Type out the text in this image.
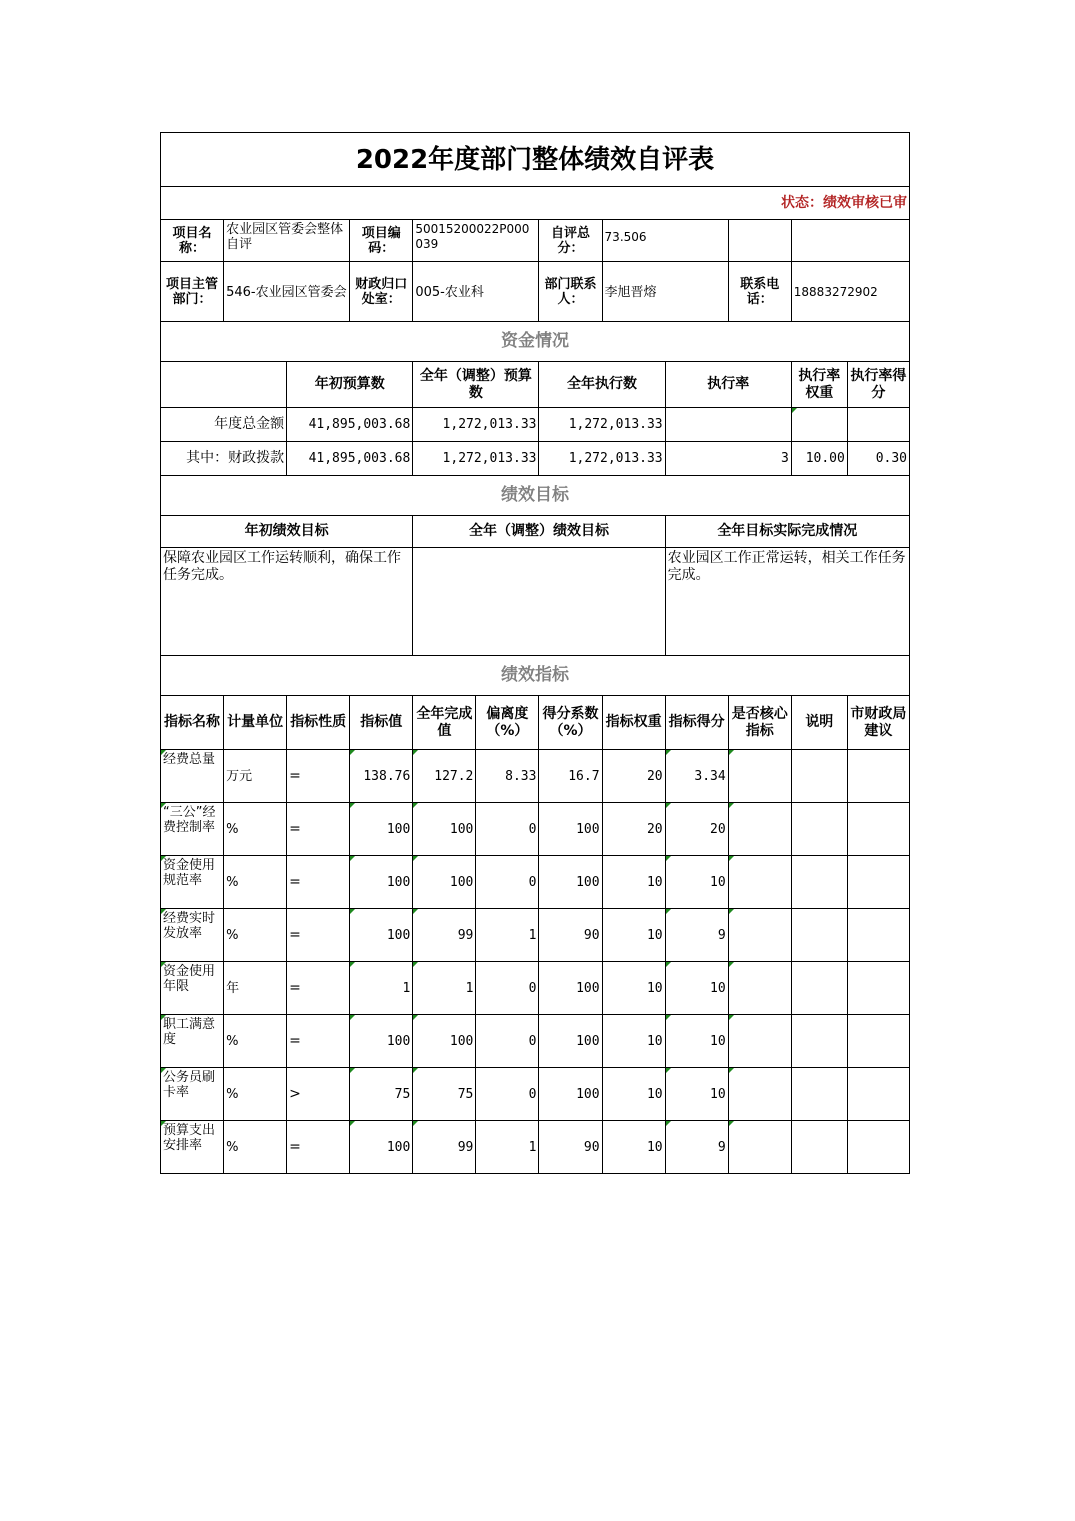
2022年度部门整体绩效自评表											
状态：绩效审核已审											
项目名称：	农业园区管委会整体自评		项目编码：	50015200022P000039		自评总分：	73.506				
项目主管部门：	546-农业园区管委会		财政归口处室：	005-农业科		部门联系人：	李旭晋熔		联系电话：	18883272902	
资金情况											
		年初预算数		全年（调整）预算数		全年执行数		执行率		执行率权重	执行率得分
年度总金额		41,895,003.68		1,272,013.33		1,272,013.33					
其中：财政拨款		41,895,003.68		1,272,013.33		1,272,013.33		3		10.00	0.30
绩效目标											
年初绩效目标				全年（调整）绩效目标				全年目标实际完成情况			
保障农业园区工作运转顺利，确保工作任务完成。								农业园区工作正常运转，相关工作任务完成。			
绩效指标											
指标名称	计量单位	指标性质	指标值	全年完成值	偏离度（%）	得分系数（%）	指标权重	指标得分	是否核心指标	说明	市财政局建议
经费总量	万元	=	138.76	127.2	8.33	16.7	20	3.34			
“三公”经费控制率	%	=	100	100	0	100	20	20			
资金使用规范率	%	=	100	100	0	100	10	10			
经费实时发放率	%	=	100	99	1	90	10	9			
资金使用年限	年	=	1	1	0	100	10	10			
职工满意度	%	=	100	100	0	100	10	10			
公务员刷卡率	%	>	75	75	0	100	10	10			
预算支出安排率	%	=	100	99	1	90	10	9			
